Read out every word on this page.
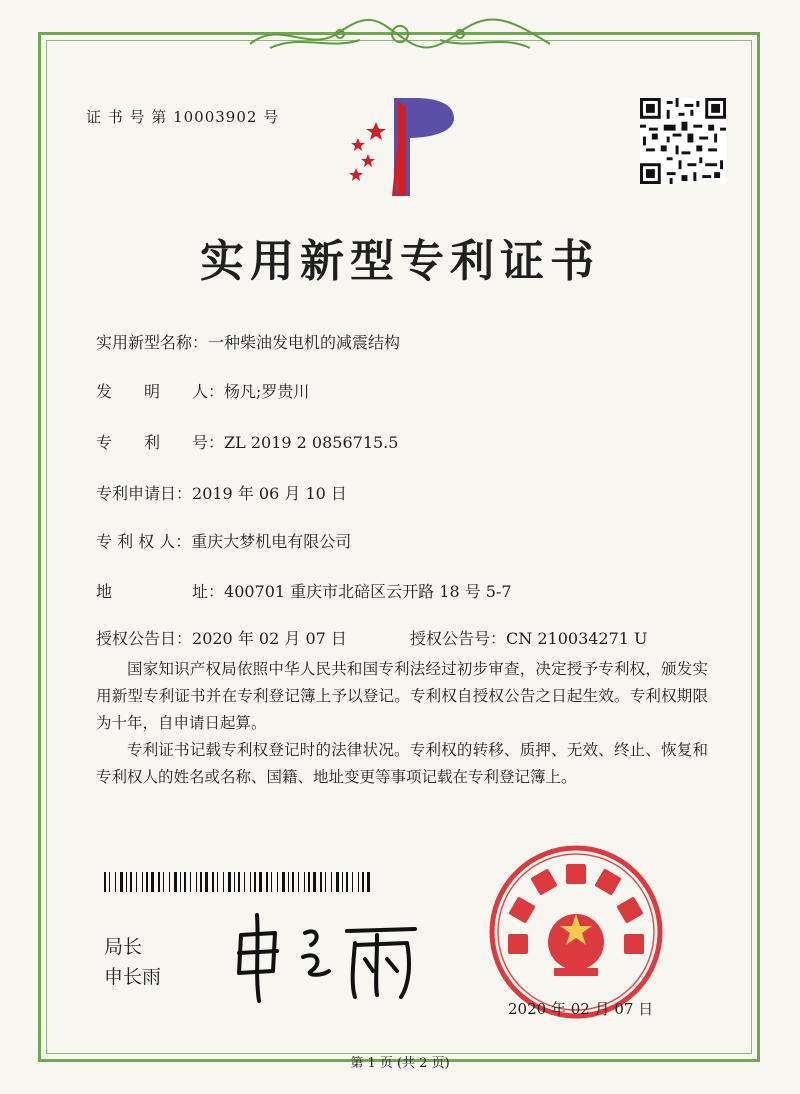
证 书 号 第 10003902 号
实用新型专利证书
实用新型名称：一种柴油发电机的减震结构
发　　明　　人：杨凡;罗贵川
专　　利　　号：ZL 2019 2 0856715.5
专利申请日：2019 年 06 月 10 日
专 利 权 人：重庆大梦机电有限公司
地　　　　　址：400701 重庆市北碚区云开路 18 号 5-7
授权公告日：2020 年 02 月 07 日	授权公告号：CN 210034271 U
国家知识产权局依照中华人民共和国专利法经过初步审查，决定授予专利权，颁发实用新型专利证书并在专利登记簿上予以登记。专利权自授权公告之日起生效。专利权期限为十年，自申请日起算。
专利证书记载专利权登记时的法律状况。专利权的转移、质押、无效、终止、恢复和专利权人的姓名或名称、国籍、地址变更等事项记载在专利登记簿上。
局长
申长雨
2020 年 02 月 07 日
第 1 页 (共 2 页)
